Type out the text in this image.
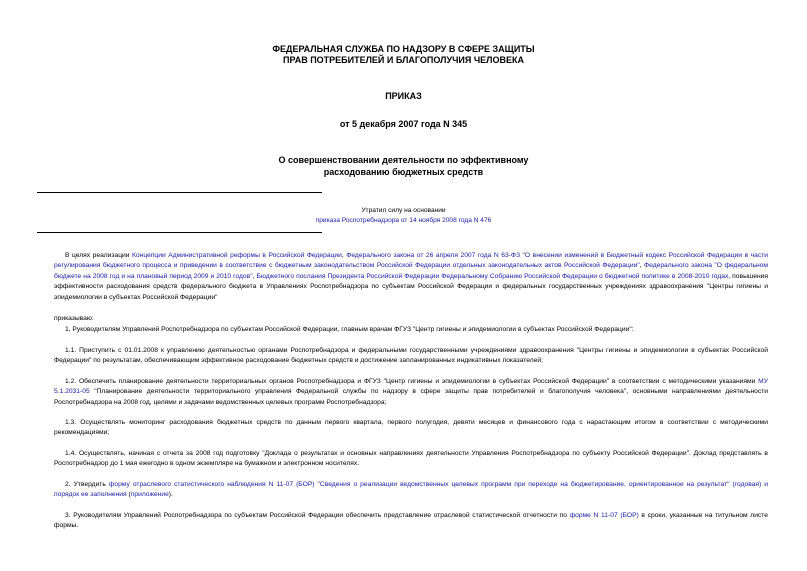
ФЕДЕРАЛЬНАЯ СЛУЖБА ПО НАДЗОРУ В СФЕРЕ ЗАЩИТЫ
ПРАВ ПОТРЕБИТЕЛЕЙ И БЛАГОПОЛУЧИЯ ЧЕЛОВЕКА
ПРИКАЗ
от 5 декабря 2007 года N 345
О совершенствовании деятельности по эффективному
расходованию бюджетных средств
Утратил силу на основании
приказа Роспотребнадзора от 14 ноября 2008 года N 476
В целях реализации Концепции Административной реформы в Российской Федерации, Федерального закона от 26 апреля 2007 года N 63-ФЗ "О внесении изменений в Бюджетный кодекс Российской Федерации в части регулирования бюджетного процесса и приведении в соответствие с бюджетным законодательством Российской Федерации отдельных законодательных актов Российской Федерации", Федерального закона "О федеральном бюджете на 2008 год и на плановый период 2009 и 2010 годов", Бюджетного послания Президента Российской Федерации Федеральному Собранию Российской Федерации о бюджетной политике в 2008-2010 годах, повышения эффективности расходования средств федерального бюджета в Управлениях Роспотребнадзора по субъектам Российской Федерации и федеральных государственных учреждениях здравоохранения "Центры гигиены и эпидемиологии в субъектах Российской Федерации"
приказываю:
1. Руководителям Управлений Роспотребнадзора по субъектам Российской Федерации, главным врачам ФГУЗ "Центр гигиены и эпидемиологии в субъектах Российской Федерации":
1.1. Приступить с 01.01.2008 к управлению деятельностью органами Роспотребнадзора и федеральными государственными учреждениями здравоохранения "Центры гигиены и эпидемиологии в субъектах Российской Федерации" по результатам, обеспечивающим эффективное расходование бюджетных средств и достижение запланированных индикативных показателей;
1.2. Обеспечить планирование деятельности территориальных органов Роспотребнадзора и ФГУЗ "Центр гигиены и эпидемиологии в субъектах Российской Федерации" в соответствии с методическими указаниями МУ 5.1.2031-05 "Планирование деятельности территориального управления Федеральной службы по надзору в сфере защиты прав потребителей и благополучия человека", основными направлениями деятельности Роспотребнадзора на 2008 год, целями и задачами ведомственных целевых программ Роспотребнадзора;
1.3. Осуществлять мониторинг расходования бюджетных средств по данным первого квартала, первого полугодия, девяти месяцев и финансового года с нарастающим итогом в соответствии с методическими рекомендациями;
1.4. Осуществлять, начиная с отчета за 2008 год подготовку "Доклада о результатах и основных направлениях деятельности Управления Роспотребнадзора по субъекту Российской Федерации". Доклад представлять в Роспотребнадзор до 1 мая ежегодно в одном экземпляре на бумажном и электронном носителях.
2. Утвердить форму отраслевого статистического наблюдения N 11-07 (БОР) "Сведения о реализации ведомственных целевых программ при переходе на бюджетирование, ориентированное на результат" (годовая) и порядок ее заполнения (приложение).
3. Руководителям Управлений Роспотребнадзора по субъектам Российской Федерации обеспечить представление отраслевой статистической отчетности по форме N 11-07 (БОР) в сроки, указанные на титульном листе формы.
